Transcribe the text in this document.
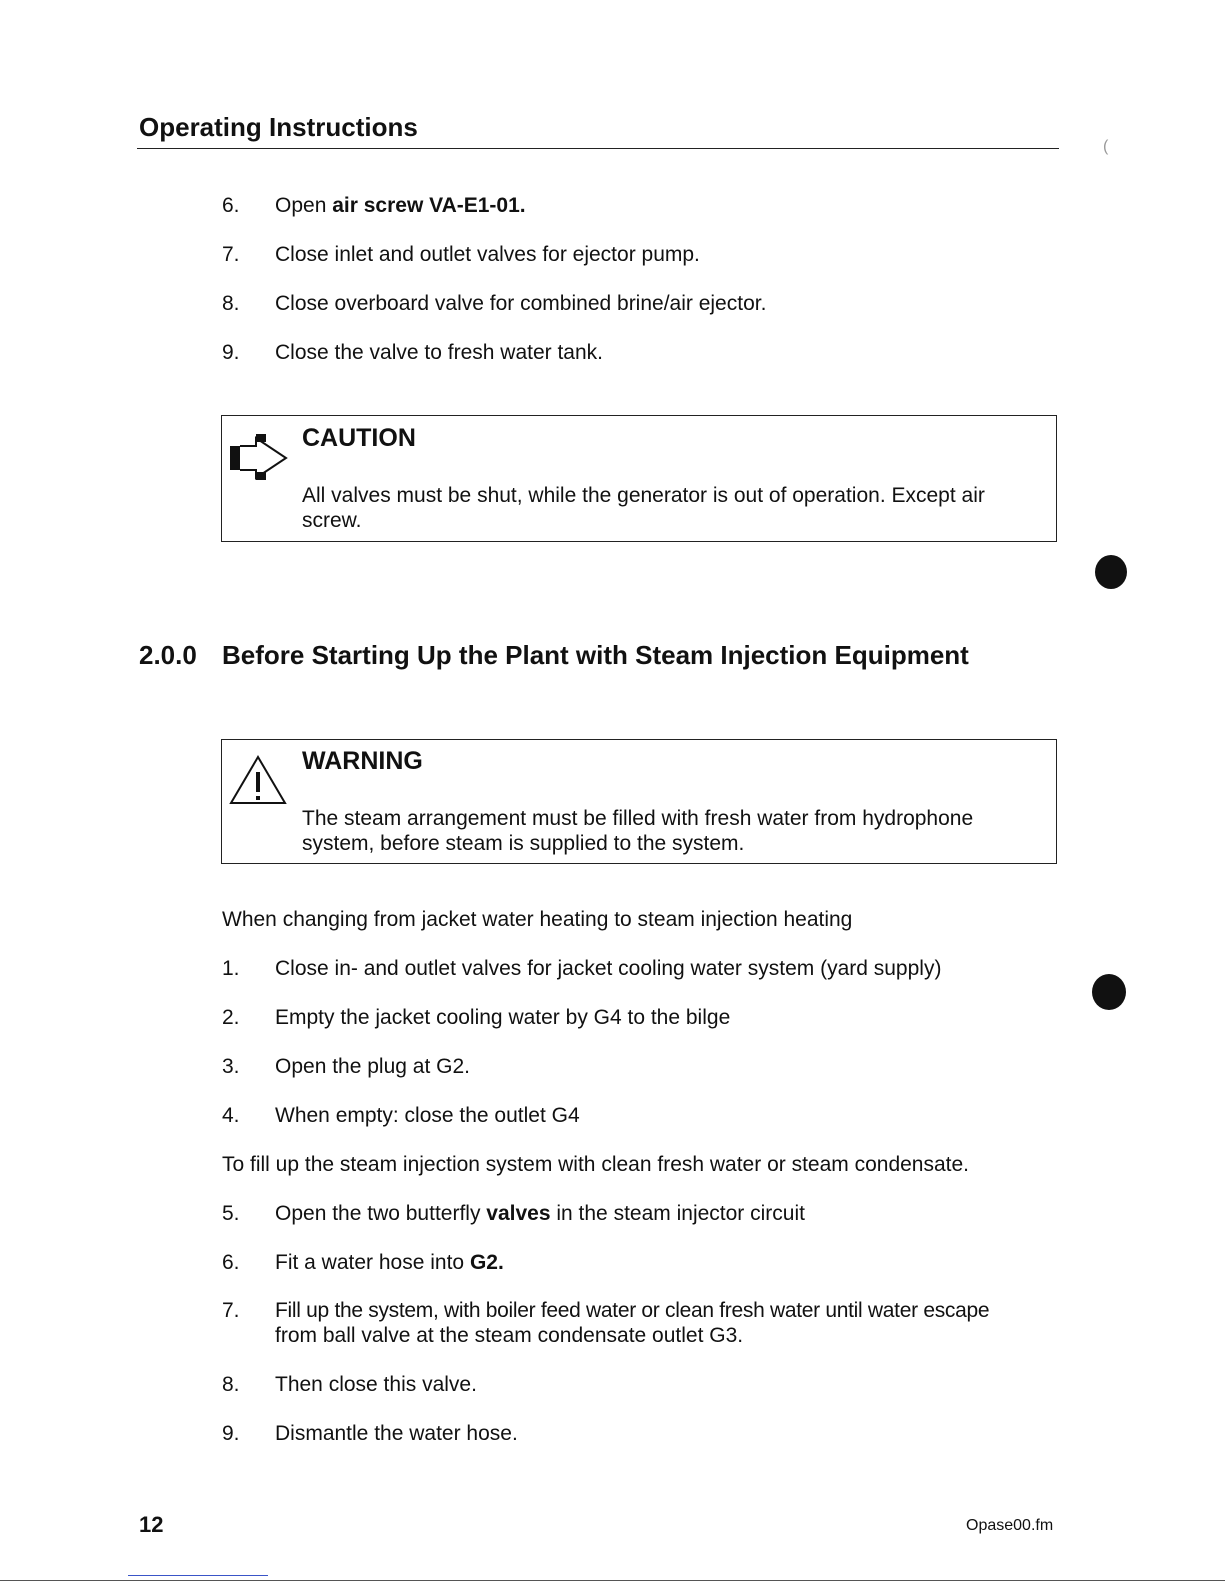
Operating Instructions
6. Open air screw VA-E1-01.
7. Close inlet and outlet valves for ejector pump.
8. Close overboard valve for combined brine/air ejector.
9. Close the valve to fresh water tank.
CAUTION
All valves must be shut, while the generator is out of operation. Except air screw.
2.0.0 Before Starting Up the Plant with Steam Injection Equipment
WARNING
The steam arrangement must be filled with fresh water from hydrophone system, before steam is supplied to the system.
When changing from jacket water heating to steam injection heating
1. Close in- and outlet valves for jacket cooling water system (yard supply)
2. Empty the jacket cooling water by G4 to the bilge
3. Open the plug at G2.
4. When empty: close the outlet G4
To fill up the steam injection system with clean fresh water or steam condensate.
5. Open the two butterfly valves in the steam injector circuit
6. Fit a water hose into G2.
7. Fill up the system, with boiler feed water or clean fresh water until water escape
from ball valve at the steam condensate outlet G3.
8. Then close this valve.
9. Dismantle the water hose.
12	Opase00.fm
(
